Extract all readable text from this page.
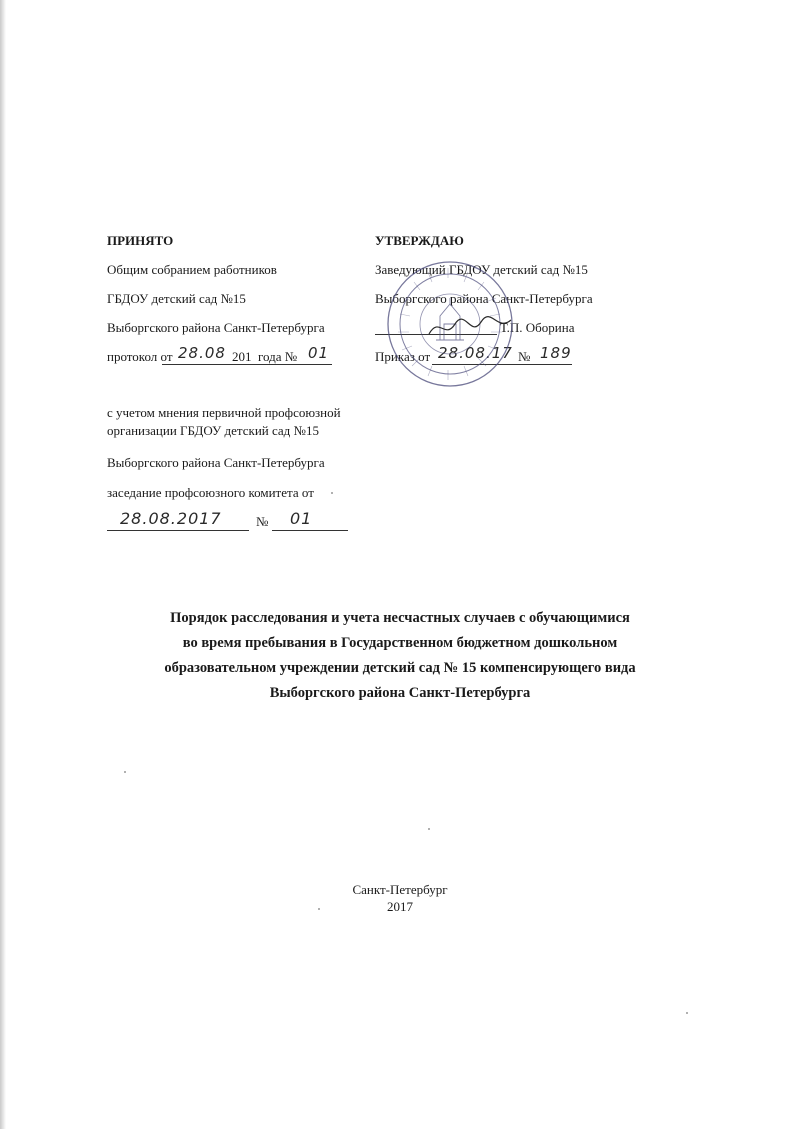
ПРИНЯТО
Общим собранием работников
ГБДОУ детский сад №15
Выборгского района Санкт-Петербурга
протокол от 28.08 201 года № 01
УТВЕРЖДАЮ
Заведующий ГБДОУ детский сад №15
Выборгского района Санкт-Петербурга
Т.П. Оборина
Приказ от 28.08.17 № 189
с учетом мнения первичной профсоюзной
организации ГБДОУ детский сад №15
Выборгского района Санкт-Петербурга
заседание профсоюзного комитета от
28.08.2017	№ 01
Порядок расследования и учета несчастных случаев с обучающимися
во время пребывания в Государственном бюджетном дошкольном
образовательном учреждении детский сад № 15 компенсирующего вида
Выборгского района Санкт-Петербурга
Санкт-Петербург
2017
